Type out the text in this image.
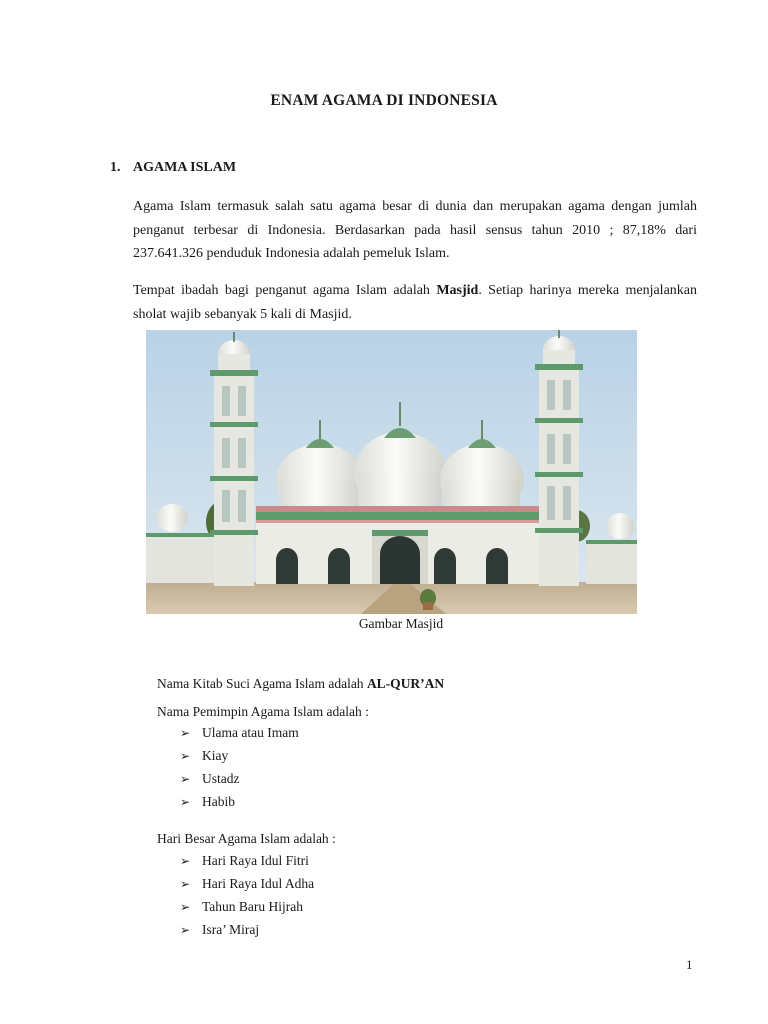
ENAM AGAMA DI INDONESIA
1. AGAMA ISLAM
Agama Islam termasuk salah satu agama besar di dunia dan merupakan agama dengan jumlah penganut terbesar di Indonesia. Berdasarkan pada hasil sensus tahun 2010 ; 87,18% dari 237.641.326 penduduk Indonesia adalah pemeluk Islam.
Tempat ibadah bagi penganut agama Islam adalah Masjid. Setiap harinya mereka menjalankan sholat wajib sebanyak 5 kali di Masjid.
Gambar Masjid
Nama Kitab Suci Agama Islam adalah AL-QUR’AN
Nama Pemimpin Agama Islam adalah :
➢ Ulama atau Imam
➢ Kiay
➢ Ustadz
➢ Habib
Hari Besar Agama Islam adalah :
➢ Hari Raya Idul Fitri
➢ Hari Raya Idul Adha
➢ Tahun Baru Hijrah
➢ Isra’ Miraj
1
